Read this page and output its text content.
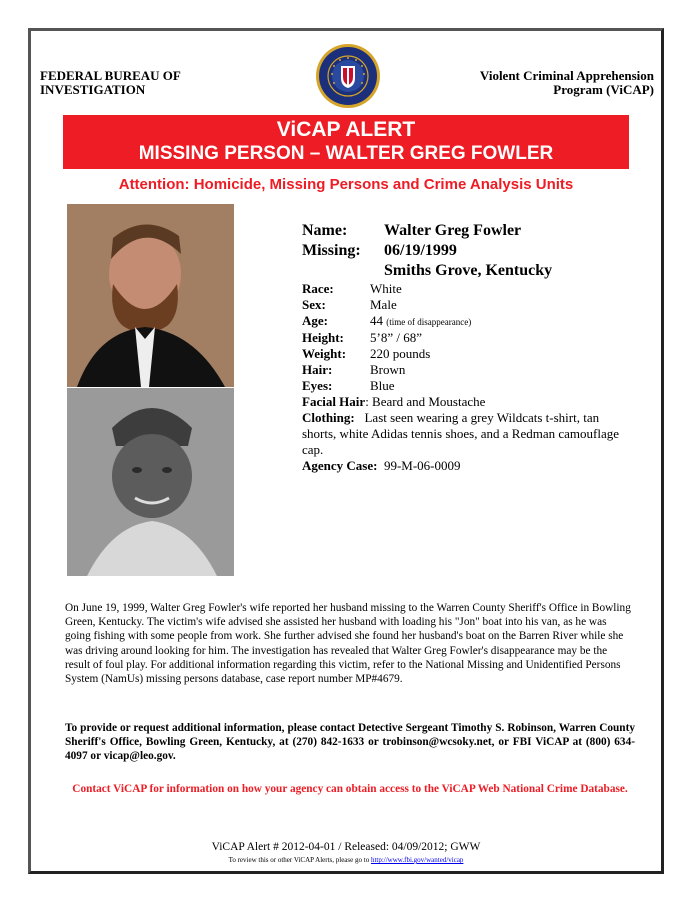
FEDERAL BUREAU OF
INVESTIGATION
Violent Criminal Apprehension
Program (ViCAP)
ViCAP ALERT
MISSING PERSON – WALTER GREG FOWLER
Attention: Homicide, Missing Persons and Crime Analysis Units
Name:	Walter Greg Fowler
Missing:	06/19/1999
Smiths Grove, Kentucky
Race:	White
Sex:	Male
Age:	44 (time of disappearance)
Height:	5’8” / 68”
Weight:	220 pounds
Hair:	Brown
Eyes:	Blue
Facial Hair: Beard and Moustache
Clothing: Last seen wearing a grey Wildcats t-shirt, tan shorts, white Adidas tennis shoes, and a Redman camouflage cap.
Agency Case: 99-M-06-0009
On June 19, 1999, Walter Greg Fowler's wife reported her husband missing to the Warren County Sheriff's Office in Bowling Green, Kentucky. The victim's wife advised she assisted her husband with loading his "Jon" boat into his van, as he was going fishing with some people from work. She further advised she found her husband's boat on the Barren River while she was driving around looking for him. The investigation has revealed that Walter Greg Fowler's disappearance may be the result of foul play. For additional information regarding this victim, refer to the National Missing and Unidentified Persons System (NamUs) missing persons database, case report number MP#4679.
To provide or request additional information, please contact Detective Sergeant Timothy S. Robinson, Warren County Sheriff's Office, Bowling Green, Kentucky, at (270) 842-1633 or trobinson@wcsoky.net, or FBI ViCAP at (800) 634-4097 or vicap@leo.gov.
Contact ViCAP for information on how your agency can obtain access to the ViCAP Web National Crime Database.
ViCAP Alert # 2012-04-01 / Released: 04/09/2012; GWW
To review this or other ViCAP Alerts, please go to http://www.fbi.gov/wanted/vicap
